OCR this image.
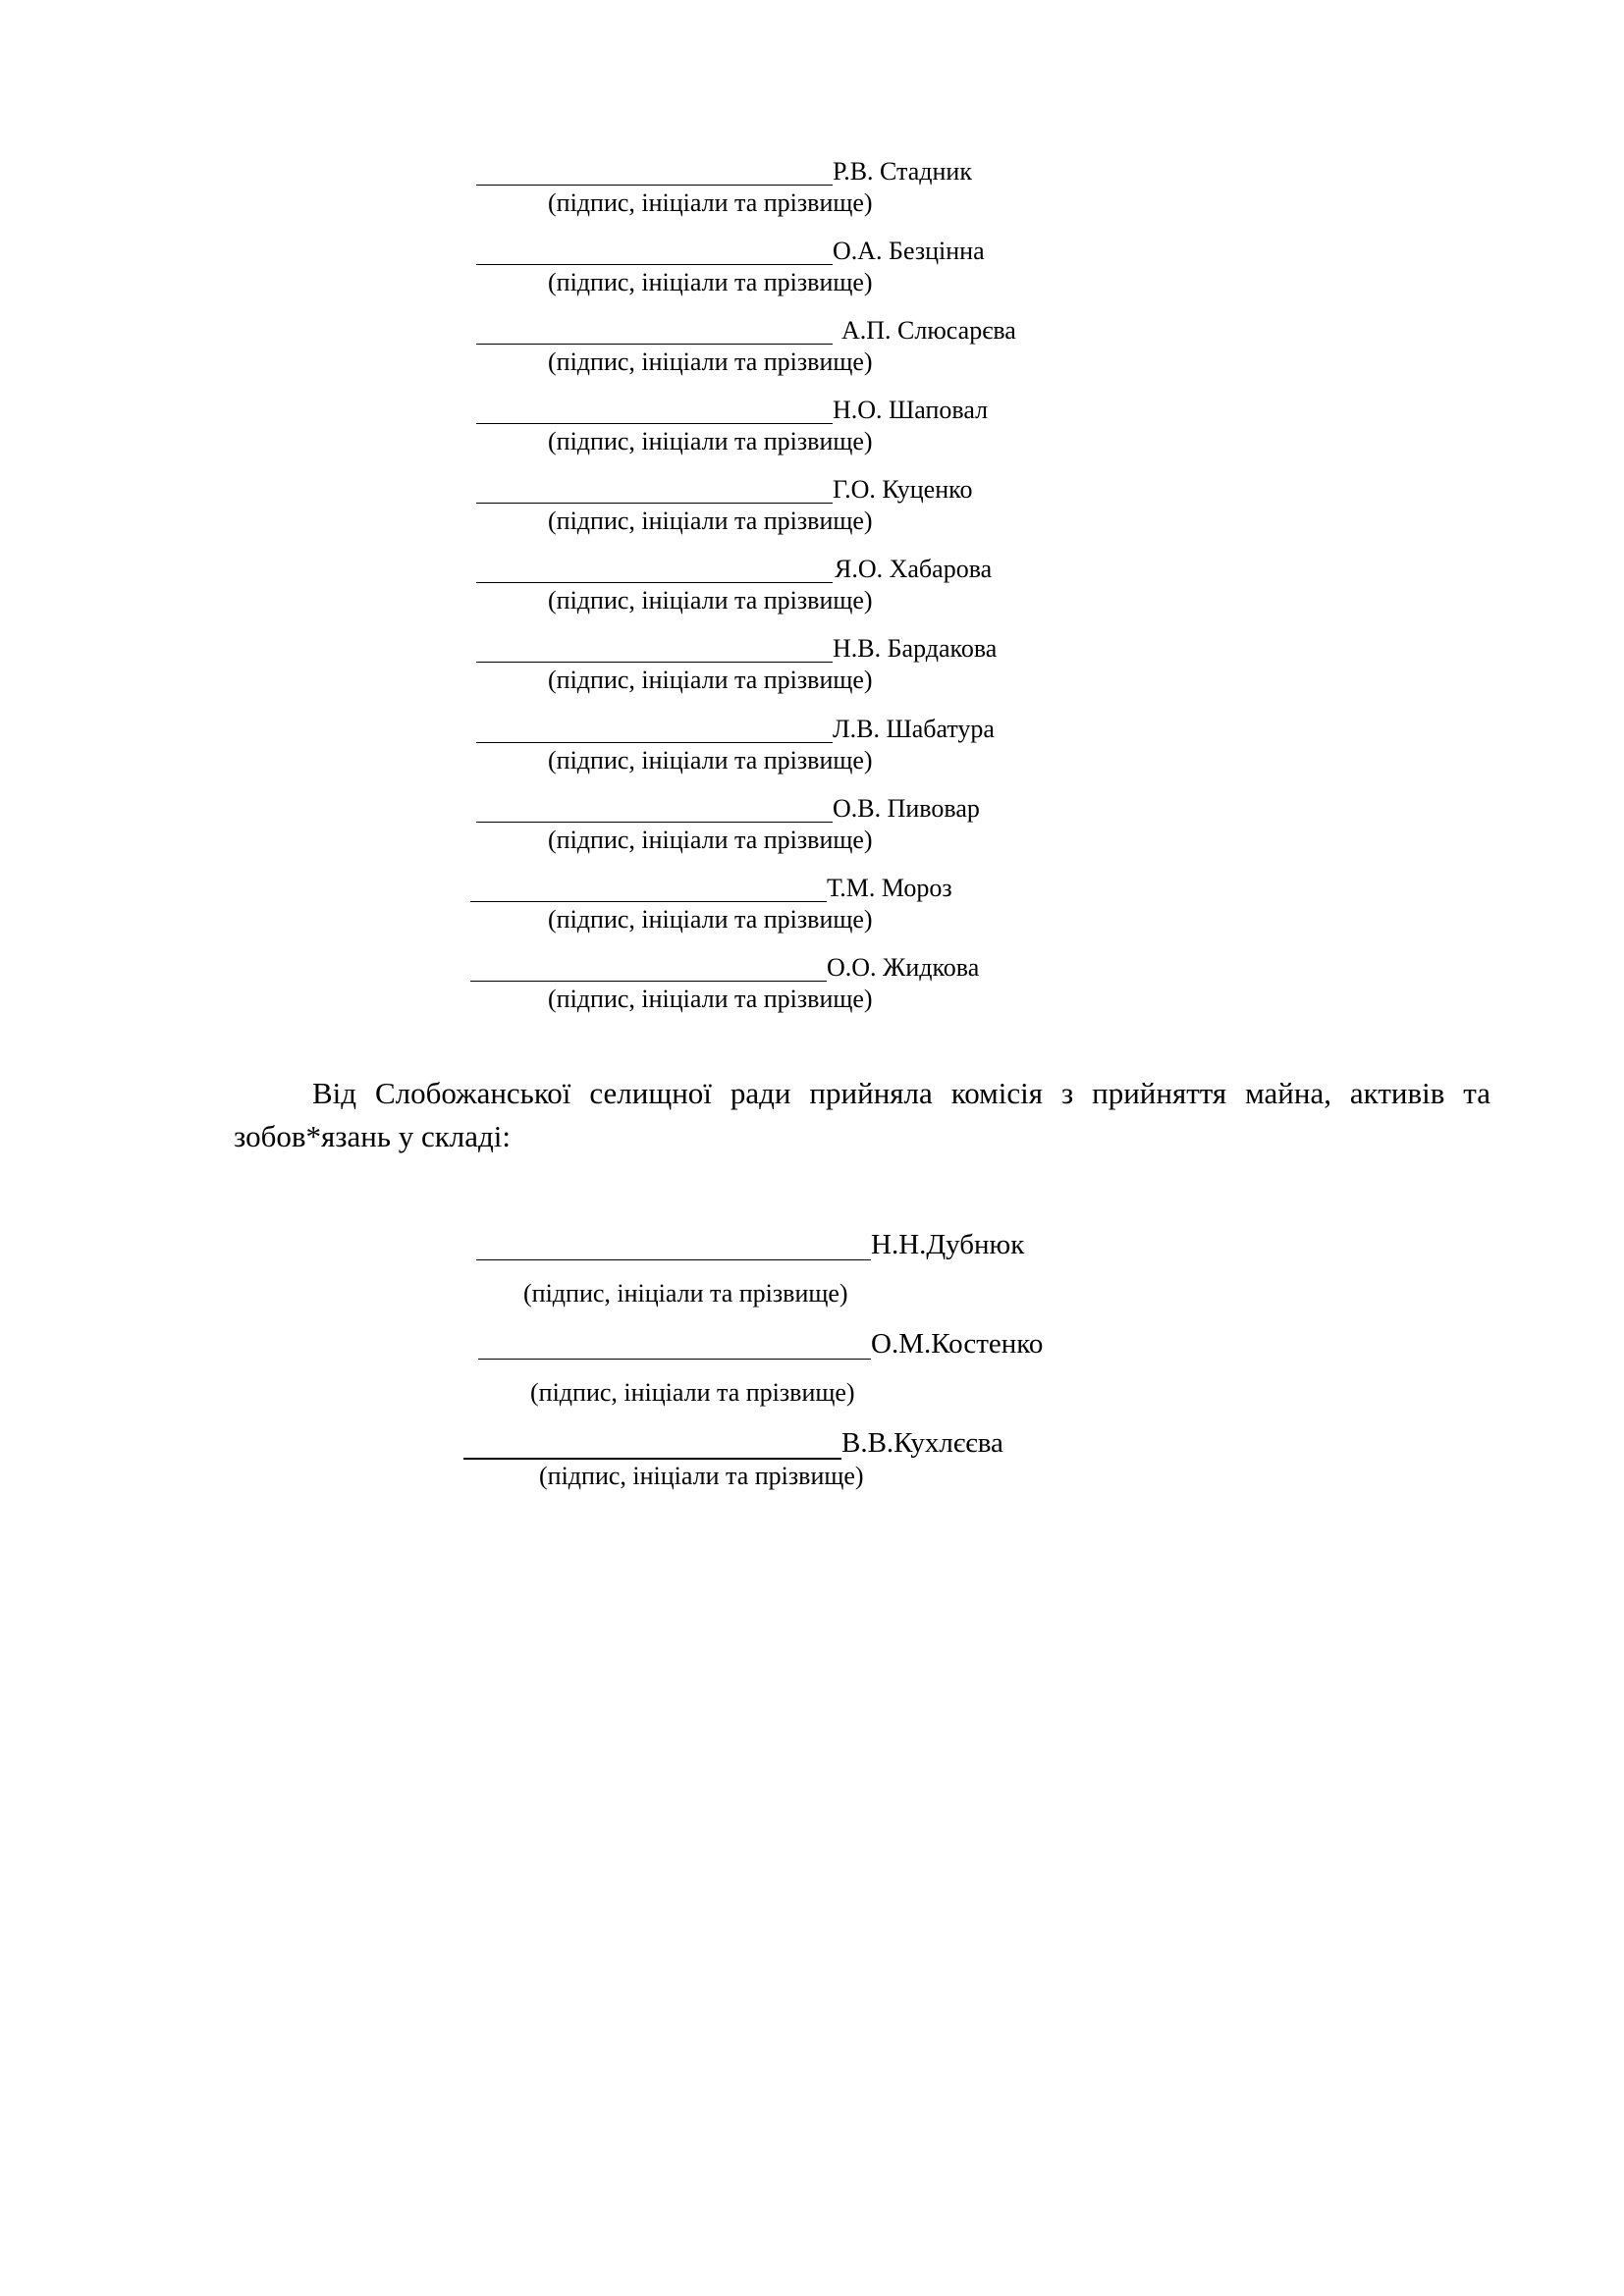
Р.В. Стадник
(підпис, ініціали та прізвище)
О.А. Безцінна
(підпис, ініціали та прізвище)
А.П. Слюсарєва
(підпис, ініціали та прізвище)
Н.О. Шаповал
(підпис, ініціали та прізвище)
Г.О. Куценко
(підпис, ініціали та прізвище)
Я.О. Хабарова
(підпис, ініціали та прізвище)
Н.В. Бардакова
(підпис, ініціали та прізвище)
Л.В. Шабатура
(підпис, ініціали та прізвище)
О.В. Пивовар
(підпис, ініціали та прізвище)
Т.М. Мороз
(підпис, ініціали та прізвище)
О.О. Жидкова
(підпис, ініціали та прізвище)
Від Слобожанської селищної ради прийняла комісія з прийняття майна, активів та зобов*язань у складі:
Н.Н.Дубнюк
(підпис, ініціали та прізвище)
О.М.Костенко
(підпис, ініціали та прізвище)
В.В.Кухлєєва
(підпис, ініціали та прізвище)
